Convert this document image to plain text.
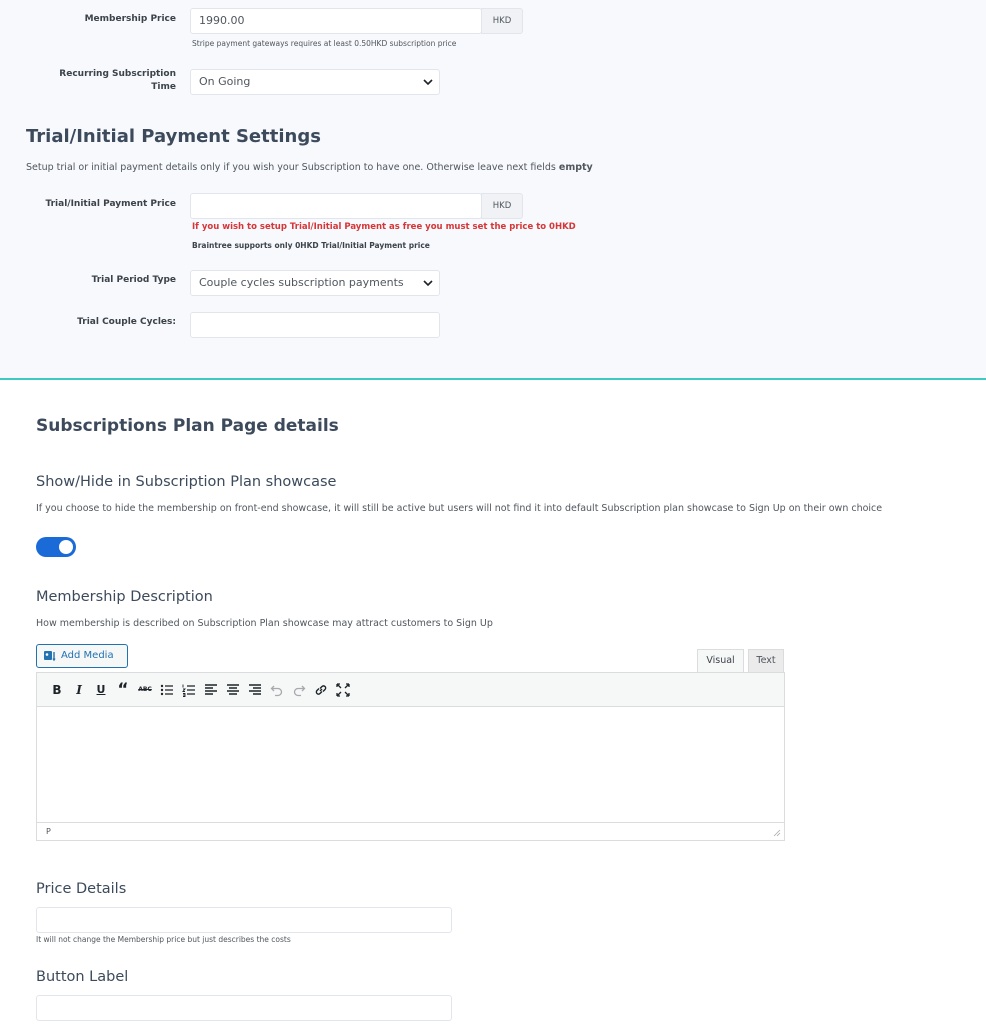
Membership Price	1990.00	HKD
Stripe payment gateways requires at least 0.50HKD subscription price
Recurring Subscription
Time	On Going
Trial/Initial Payment Settings
Setup trial or initial payment details only if you wish your Subscription to have one. Otherwise leave next fields empty
Trial/Initial Payment Price	HKD
If you wish to setup Trial/Initial Payment as free you must set the price to 0HKD
Braintree supports only 0HKD Trial/Initial Payment price
Trial Period Type	Couple cycles subscription payments
Trial Couple Cycles:
Subscriptions Plan Page details
Show/Hide in Subscription Plan showcase
If you choose to hide the membership on front-end showcase, it will still be active but users will not find it into default Subscription plan showcase to Sign Up on their own choice
Membership Description
How membership is described on Subscription Plan showcase may attract customers to Sign Up
Add Media	Visual	Text
B	I	U “	ABC
P
Price Details
It will not change the Membership price but just describes the costs
Button Label
